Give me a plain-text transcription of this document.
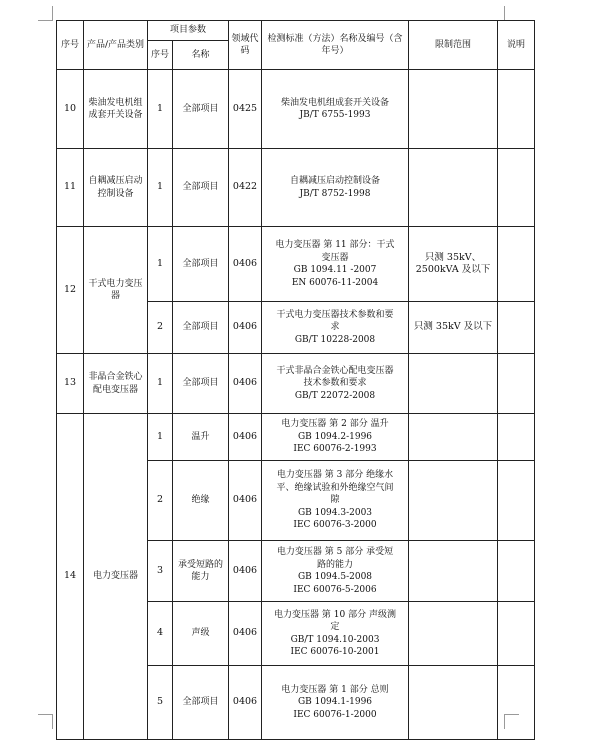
序号	产品/产品类别	项目参数		领域代码	检测标准（方法）名称及编号（含年号）	限制范围	说明
		序号	名称				
10	柴油发电机组成套开关设备	1	全部项目	0425	柴油发电机组成套开关设备
JB/T 6755-1993		

11	自耦减压启动控制设备	1	全部项目	0422	自耦减压启动控制设备
JB/T 8752-1998		

12	干式电力变压器	1	全部项目	0406	电力变压器 第 11 部分：干式
变压器
GB 1094.11 -2007
EN 60076-11-2004	只测 35kV、2500kVA 及以下	
		2	全部项目	0406	干式电力变压器技术参数和要
求
GB/T 10228-2008	只测 35kV 及以下	
13	非晶合金铁心配电变压器	1	全部项目	0406	干式非晶合金铁心配电变压器
技术参数和要求
GB/T 22072-2008		

14	电力变压器	1	温升	0406	电力变压器 第 2 部分 温升
GB 1094.2-1996
IEC 60076-2-1993		

		2	绝缘	0406	电力变压器 第 3 部分 绝缘水
平、绝缘试验和外绝缘空气间
隙
GB 1094.3-2003
IEC 60076-3-2000		

		3	承受短路的能力	0406	电力变压器 第 5 部分 承受短
路的能力
GB 1094.5-2008
IEC 60076-5-2006		

		4	声级	0406	电力变压器 第 10 部分 声级测
定
GB/T 1094.10-2003
IEC 60076-10-2001		

		5	全部项目	0406	电力变压器 第 1 部分 总则
GB 1094.1-1996
IEC 60076-1-2000		
